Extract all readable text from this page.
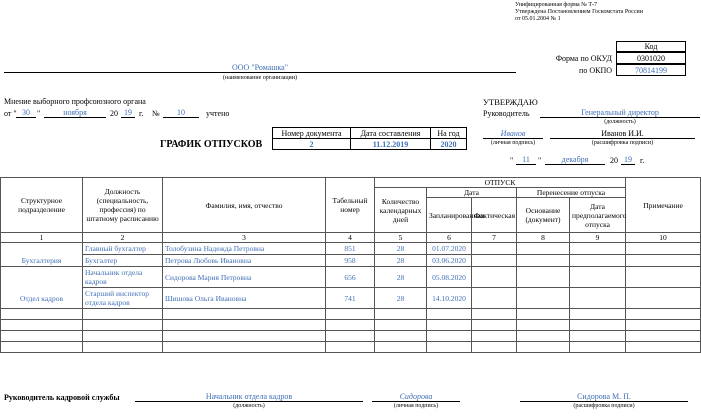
Унифицированная форма № Т-7
Утверждена Постановлением Госкомстата России
от 05.01.2004 № 1
Код
Форма по ОКУД	0301020
по ОКПО	70814199
ООО "Ромашка"
(наименование организации)
Мнение выборного профсоюзного органа
от " 30 "	ноября	20 19 г. №	10	учтено
УТВЕРЖДАЮ
Руководитель	Генеральный директор
(должность)
Иванов
(личная подпись)
Иванов И.И.
(расшифровка подписи)
"	11	"	декабря	20 19	г.
ГРАФИК ОТПУСКОВ
Номер документа	Дата составления	На год
2	11.12.2019	2020
Структурное подразделение	Должность (специальность, профессия) по штатному расписанию	Фамилия, имя, отчество	Табельный номер	ОТПУСК					Примечание
				Количество календарных дней	Дата		Перенесение отпуска		
					Запланированная	Фактическая	Основание (документ)	Дата предполагаемого отпуска	
1	2	3	4	5	6	7	8	9	10
	Главный бухгалтер	Толобузина Надежда Петровна	851	28	01.07.2020				
Бухгалтерия	Бухгалтер	Петрова Любовь Ивановна	958	28	03.06.2020				
	Начальник отдела кадров	Сидорова Мария Петровна	656	28	05.08.2020				
Отдел кадров	Старший инспектор отдела кадров	Шишова Ольга Ивановна	741	28	14.10.2020				

Руководитель кадровой службы	Начальник отдела кадров
(должность)
Сидорова
(личная подпись)
Сидорова М. П.
(расшифровка подписи)
